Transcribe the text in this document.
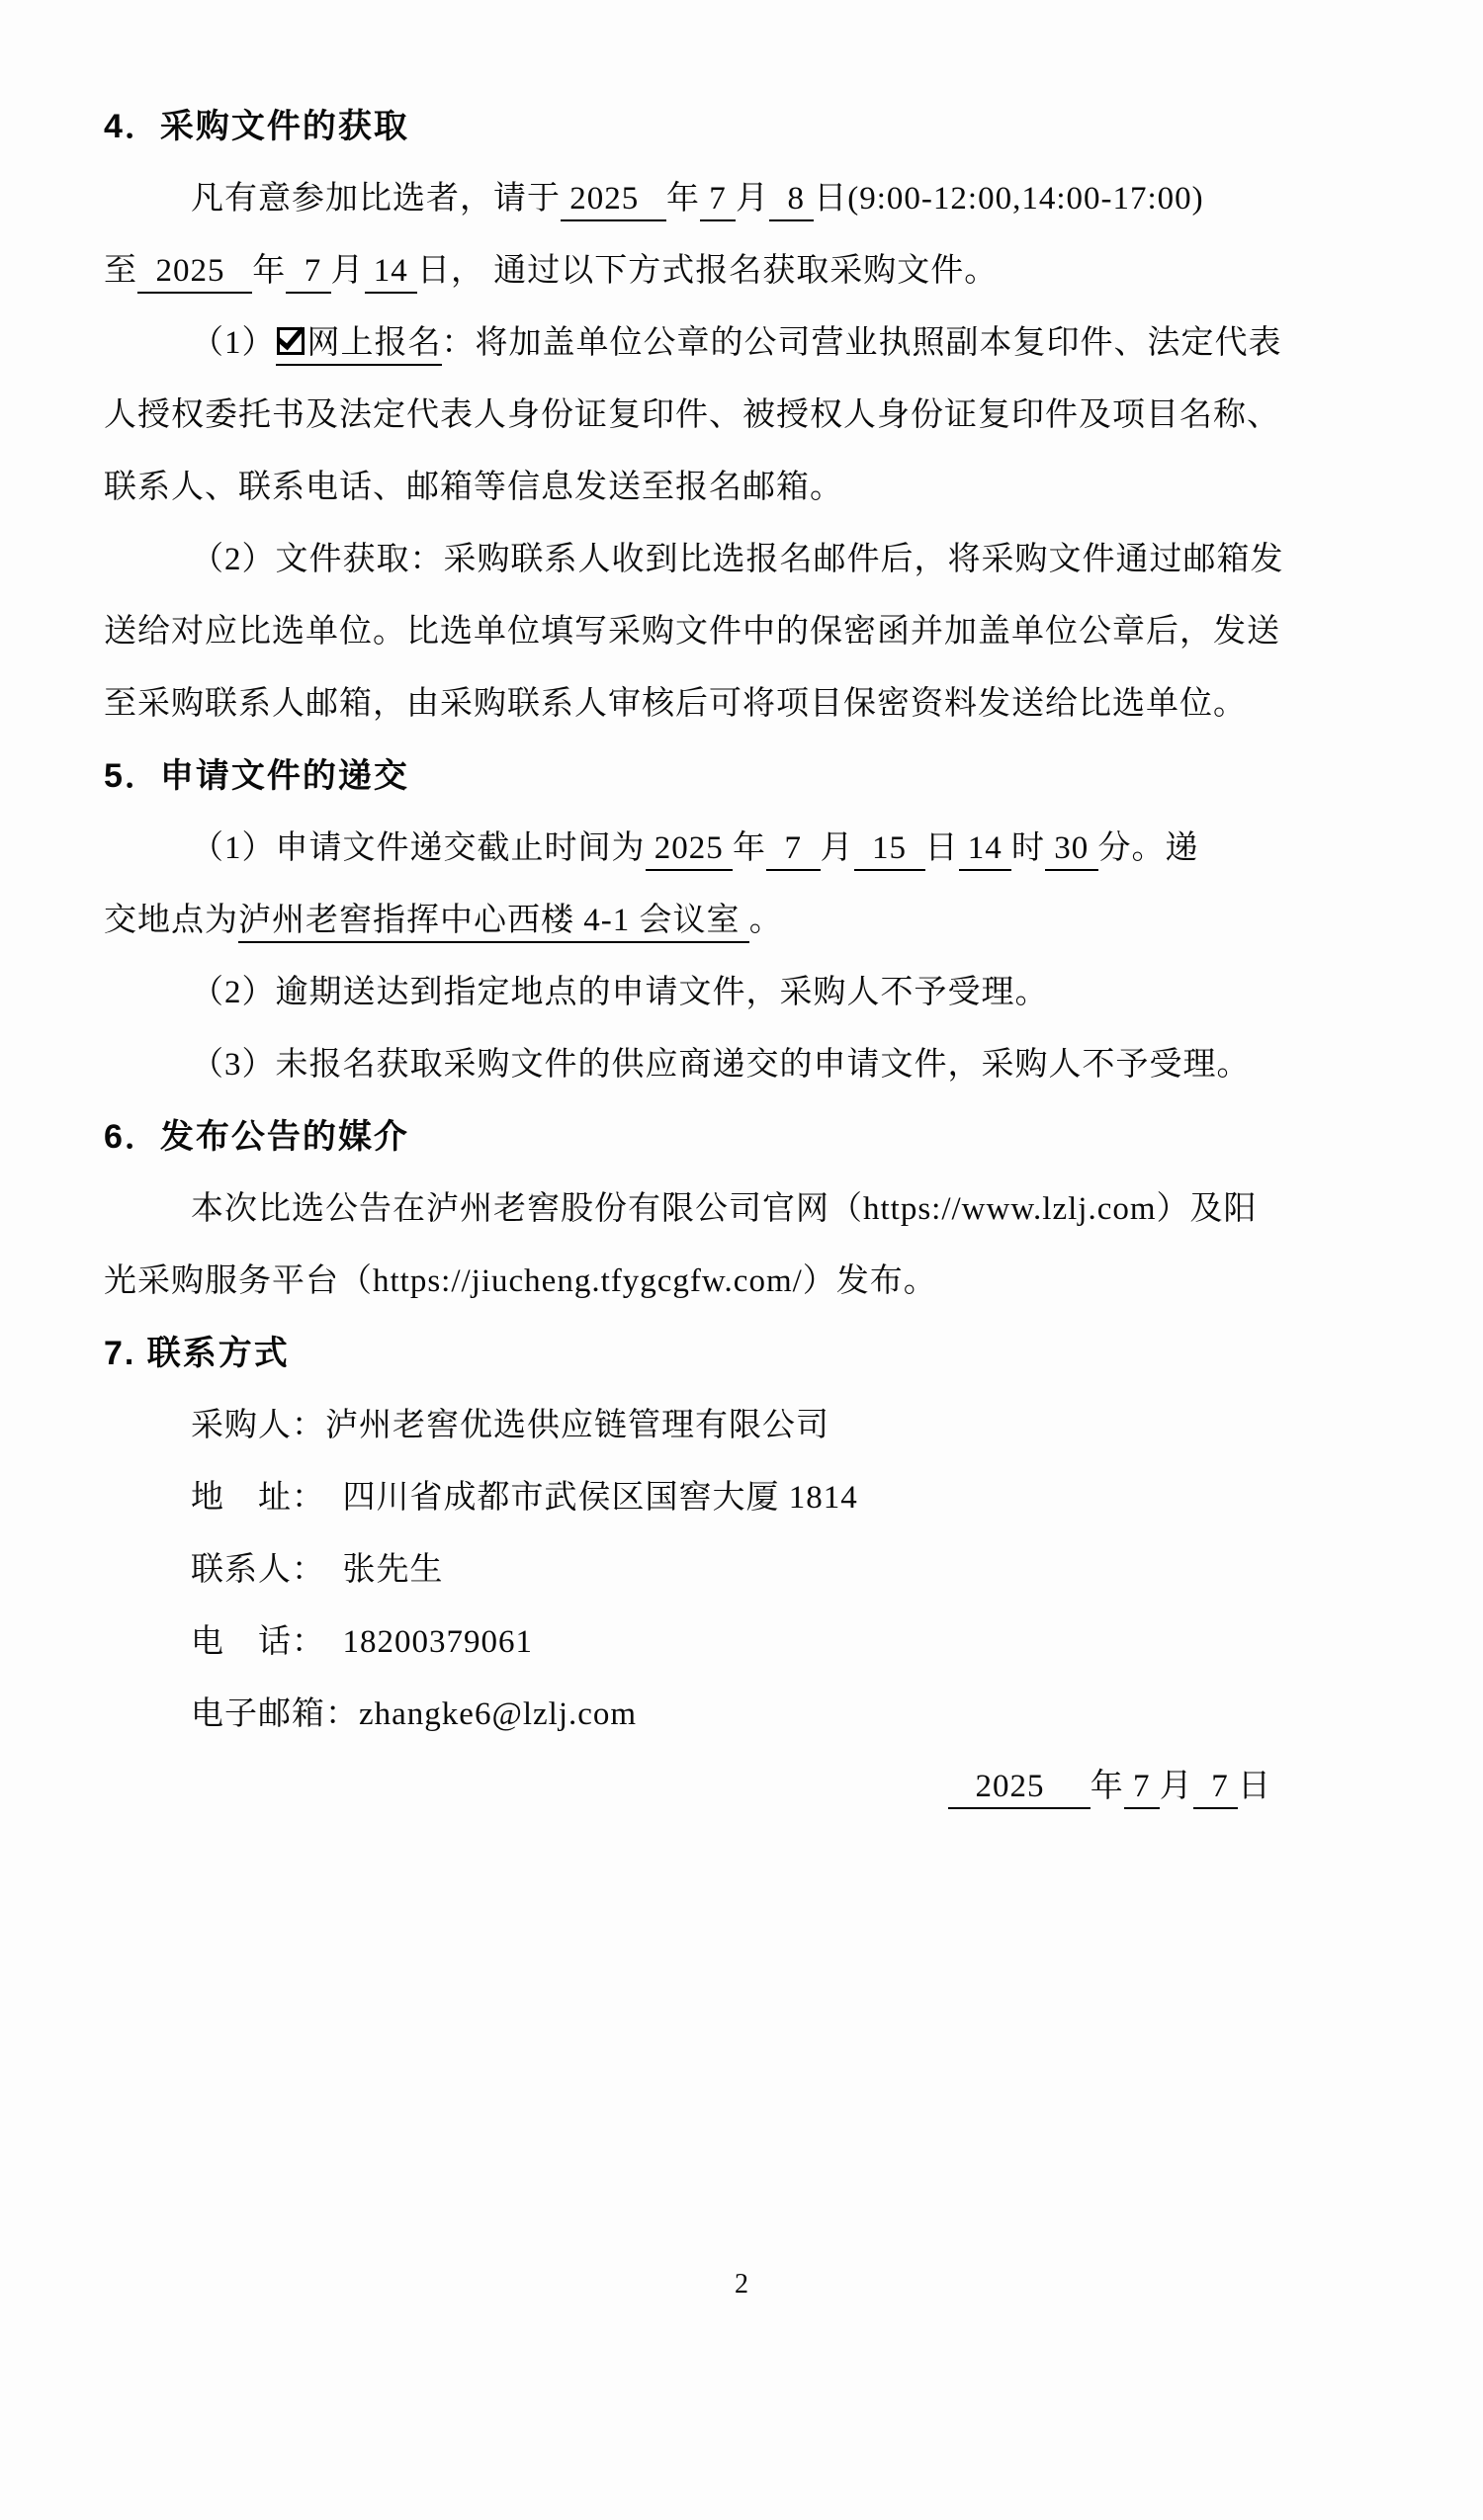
4．采购文件的获取
凡有意参加比选者，请于 2025   年 7 月  8 日(9:00-12:00,14:00-17:00)
至  2025   年  7 月 14 日， 通过以下方式报名获取采购文件。
（1） 网上报名：将加盖单位公章的公司营业执照副本复印件、法定代表
人授权委托书及法定代表人身份证复印件、被授权人身份证复印件及项目名称、
联系人、联系电话、邮箱等信息发送至报名邮箱。
（2）文件获取：采购联系人收到比选报名邮件后，将采购文件通过邮箱发
送给对应比选单位。比选单位填写采购文件中的保密函并加盖单位公章后，发送
至采购联系人邮箱，由采购联系人审核后可将项目保密资料发送给比选单位。
5．申请文件的递交
（1）申请文件递交截止时间为 2025 年  7  月  15  日 14 时 30 分。递
交地点为泸州老窖指挥中心西楼 4-1 会议室 。
（2）逾期送达到指定地点的申请文件，采购人不予受理。
（3）未报名获取采购文件的供应商递交的申请文件，采购人不予受理。
6．发布公告的媒介
本次比选公告在泸州老窖股份有限公司官网（https://www.lzlj.com）及阳
光采购服务平台（https://jiucheng.tfygcgfw.com/）发布。
7. 联系方式
采购人：泸州老窖优选供应链管理有限公司
地　址：　四川省成都市武侯区国窖大厦 1814
联系人：　张先生
电　话：　18200379061
电子邮箱：zhangke6@lzlj.com
2025     年 7 月  7 日
2
